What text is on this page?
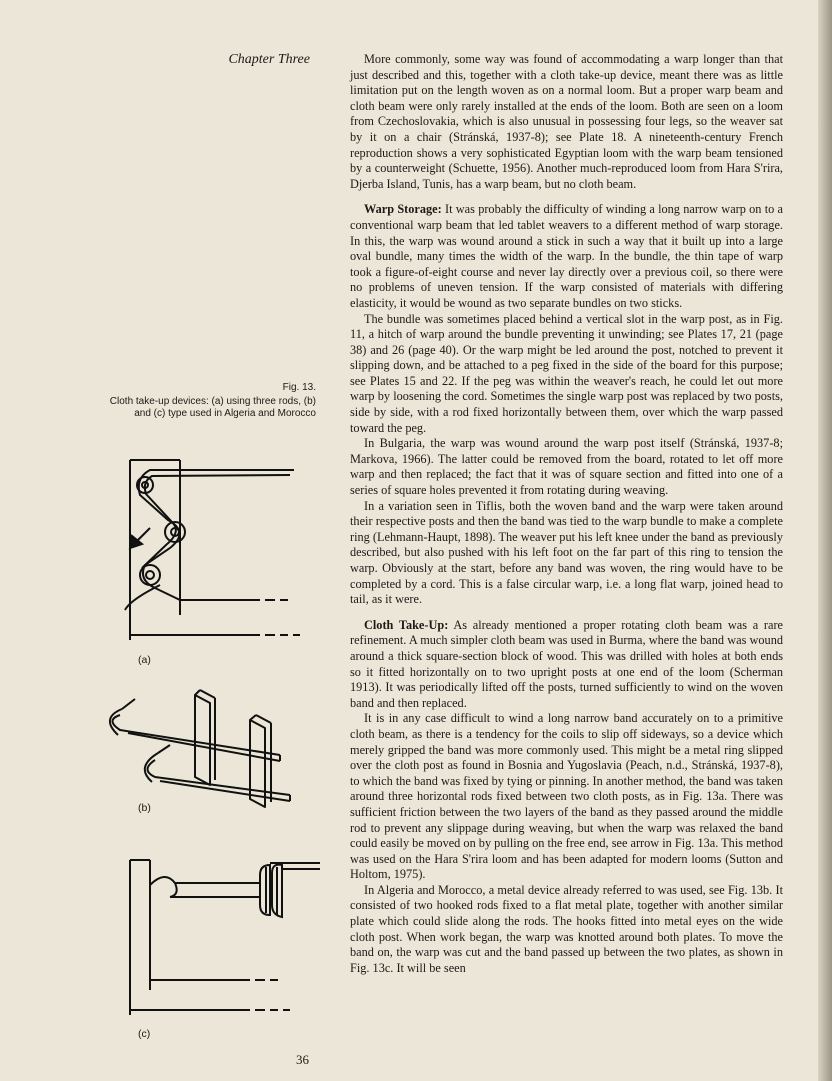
Chapter Three
Fig. 13.
Cloth take-up devices: (a) using three rods, (b) and (c) type used in Algeria and Morocco
(a)
(b)
(c)

More commonly, some way was found of accommodating a warp longer than that just described and this, together with a cloth take-up device, meant there was as little limitation put on the length woven as on a normal loom. But a proper warp beam and cloth beam were only rarely installed at the ends of the loom. Both are seen on a loom from Czechoslovakia, which is also unusual in possessing four legs, so the weaver sat by it on a chair (Stránská, 1937-8); see Plate 18. A nineteenth-century French reproduction shows a very sophisticated Egyptian loom with the warp beam tensioned by a counterweight (Schuette, 1956). Another much-reproduced loom from Hara S'rira, Djerba Island, Tunis, has a warp beam, but no cloth beam.

Warp Storage: It was probably the difficulty of winding a long narrow warp on to a conventional warp beam that led tablet weavers to a different method of warp storage. In this, the warp was wound around a stick in such a way that it built up into a large oval bundle, many times the width of the warp. In the bundle, the thin tape of warp took a figure-of-eight course and never lay directly over a previous coil, so there were no problems of uneven tension. If the warp consisted of materials with differing elasticity, it would be wound as two separate bundles on two sticks.

The bundle was sometimes placed behind a vertical slot in the warp post, as in Fig. 11, a hitch of warp around the bundle preventing it unwinding; see Plates 17, 21 (page 38) and 26 (page 40). Or the warp might be led around the post, notched to prevent it slipping down, and be attached to a peg fixed in the side of the board for this purpose; see Plates 15 and 22. If the peg was within the weaver's reach, he could let out more warp by loosening the cord. Sometimes the single warp post was replaced by two posts, side by side, with a rod fixed horizontally between them, over which the warp passed toward the peg.

In Bulgaria, the warp was wound around the warp post itself (Stránská, 1937-8; Markova, 1966). The latter could be removed from the board, rotated to let off more warp and then replaced; the fact that it was of square section and fitted into one of a series of square holes prevented it from rotating during weaving.

In a variation seen in Tiflis, both the woven band and the warp were taken around their respective posts and then the band was tied to the warp bundle to make a complete ring (Lehmann-Haupt, 1898). The weaver put his left knee under the band as previously described, but also pushed with his left foot on the far part of this ring to tension the warp. Obviously at the start, before any band was woven, the ring would have to be completed by a cord. This is a false circular warp, i.e. a long flat warp, joined head to tail, as it were.

Cloth Take-Up: As already mentioned a proper rotating cloth beam was a rare refinement. A much simpler cloth beam was used in Burma, where the band was wound around a thick square-section block of wood. This was drilled with holes at both ends so it fitted horizontally on to two upright posts at one end of the loom (Scherman 1913). It was periodically lifted off the posts, turned sufficiently to wind on the woven band and then replaced.

It is in any case difficult to wind a long narrow band accurately on to a primitive cloth beam, as there is a tendency for the coils to slip off sideways, so a device which merely gripped the band was more commonly used. This might be a metal ring slipped over the cloth post as found in Bosnia and Yugoslavia (Peach, n.d., Stránská, 1937-8), to which the band was fixed by tying or pinning. In another method, the band was taken around three horizontal rods fixed between two cloth posts, as in Fig. 13a. There was sufficient friction between the two layers of the band as they passed around the middle rod to prevent any slippage during weaving, but when the warp was relaxed the band could easily be moved on by pulling on the free end, see arrow in Fig. 13a. This method was used on the Hara S'rira loom and has been adapted for modern looms (Sutton and Holtom, 1975).

In Algeria and Morocco, a metal device already referred to was used, see Fig. 13b. It consisted of two hooked rods fixed to a flat metal plate, together with another similar plate which could slide along the rods. The hooks fitted into metal eyes on the wide cloth post. When work began, the warp was knotted around both plates. To move the band on, the warp was cut and the band passed up between the two plates, as shown in Fig. 13c. It will be seen

36
